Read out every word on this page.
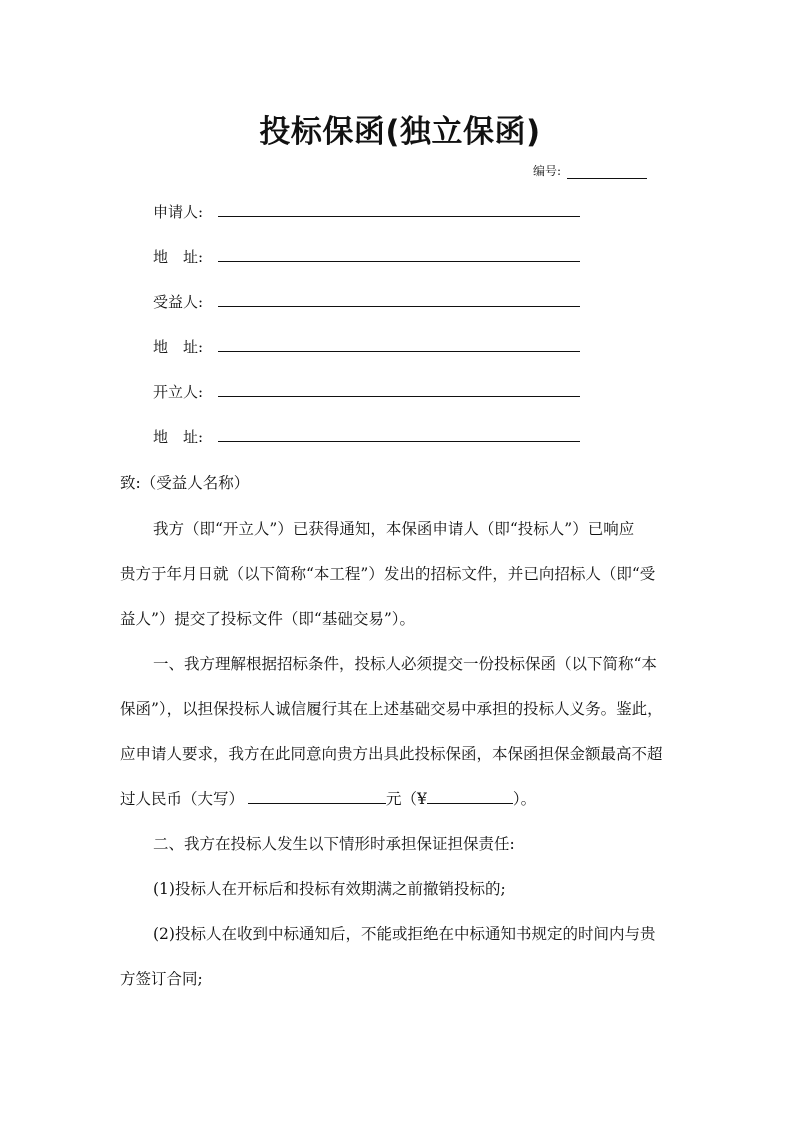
投标保函(独立保函)
编号:
申请人:
地　址:
受益人:
地　址:
开立人:
地　址:
致:（受益人名称）
我方（即“开立人”）已获得通知，本保函申请人（即“投标人”）已响应
贵方于年月日就（以下简称“本工程”）发出的招标文件，并已向招标人（即“受
益人”）提交了投标文件（即“基础交易”）。
一、我方理解根据招标条件，投标人必须提交一份投标保函（以下简称“本
保函”），以担保投标人诚信履行其在上述基础交易中承担的投标人义务。鉴此，
应申请人要求，我方在此同意向贵方出具此投标保函，本保函担保金额最高不超
过人民币（大写）	元（¥	）。
二、我方在投标人发生以下情形时承担保证担保责任:
(1)投标人在开标后和投标有效期满之前撤销投标的;
(2)投标人在收到中标通知后，不能或拒绝在中标通知书规定的时间内与贵
方签订合同;
